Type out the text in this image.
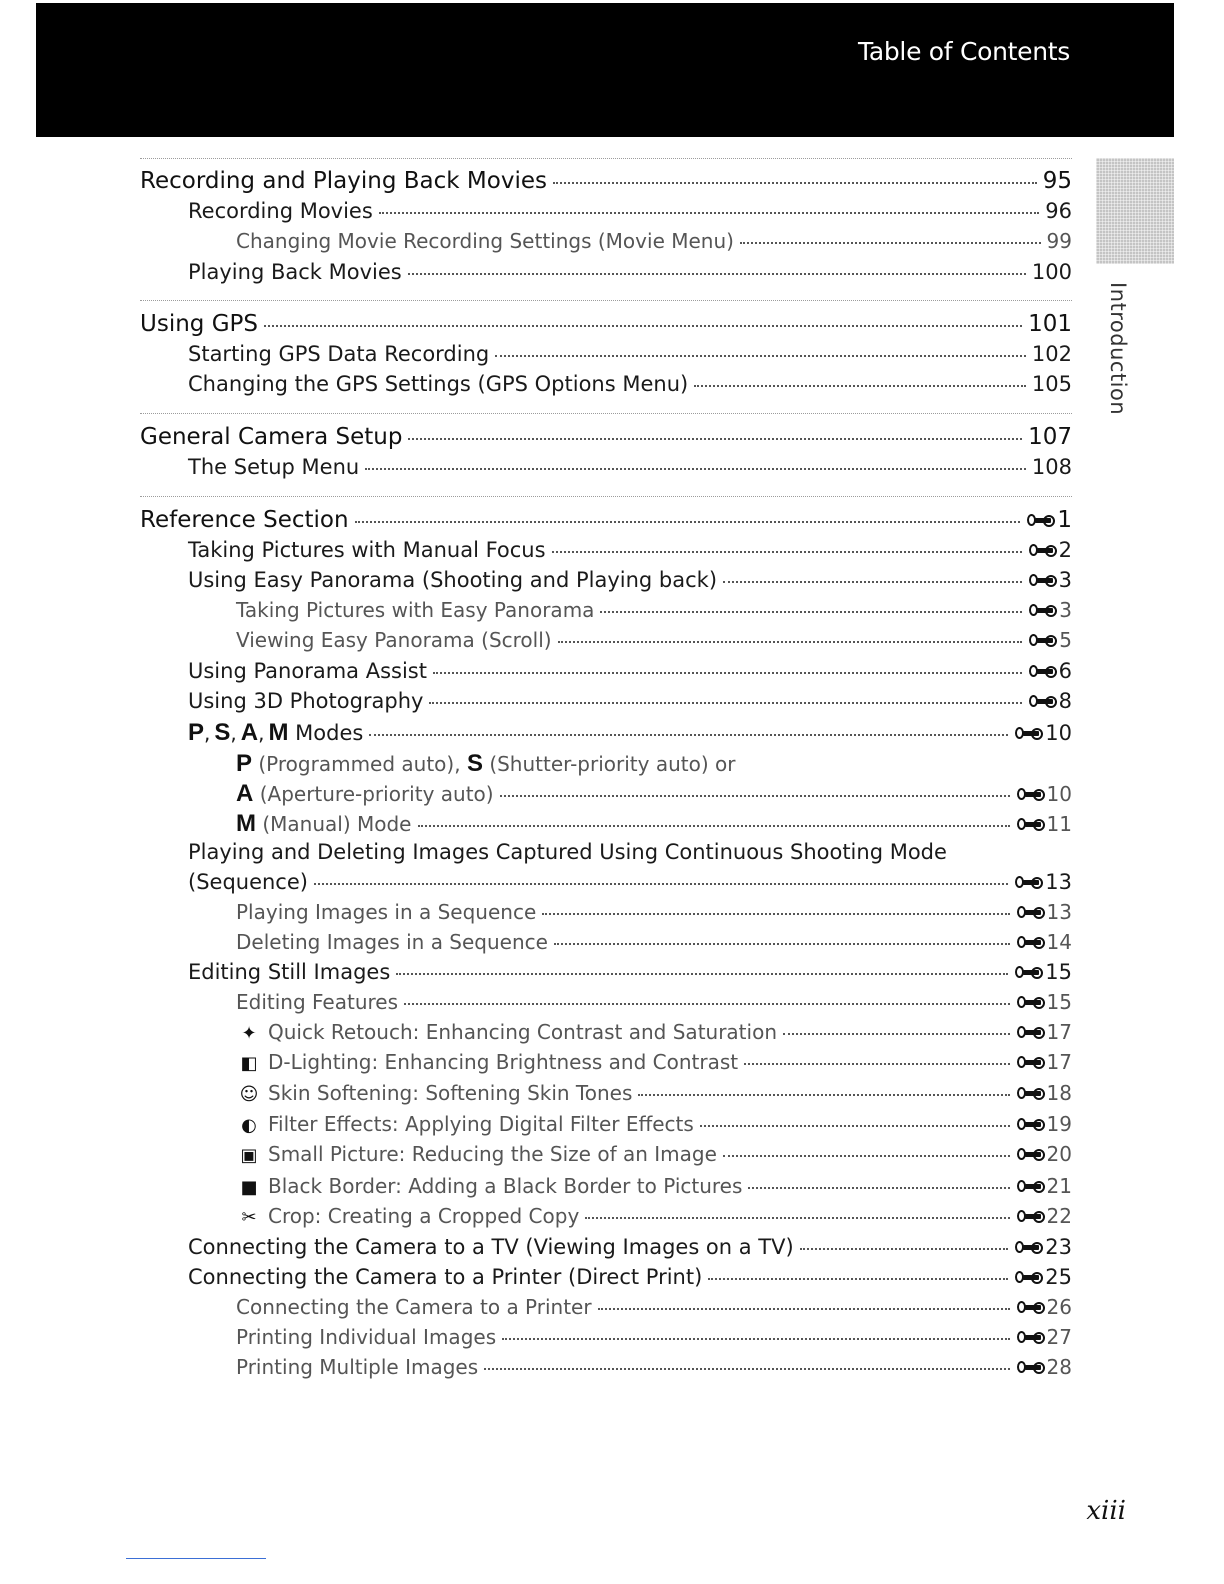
Table of Contents
Introduction
Recording and Playing Back Movies	95
Recording Movies	96
Changing Movie Recording Settings (Movie Menu)	99
Playing Back Movies	100
Using GPS	101
Starting GPS Data Recording	102
Changing the GPS Settings (GPS Options Menu)	105
General Camera Setup	107
The Setup Menu	108
Reference Section	1
Taking Pictures with Manual Focus	2
Using Easy Panorama (Shooting and Playing back)	3
Taking Pictures with Easy Panorama	3
Viewing Easy Panorama (Scroll)	5
Using Panorama Assist	6
Using 3D Photography	8
P, S, A, M Modes	10
P (Programmed auto), S (Shutter-priority auto) or
A (Aperture-priority auto)	10
M (Manual) Mode	11
Playing and Deleting Images Captured Using Continuous Shooting Mode
(Sequence)	13
Playing Images in a Sequence	13
Deleting Images in a Sequence	14
Editing Still Images	15
Editing Features	15
✦ Quick Retouch: Enhancing Contrast and Saturation	17
◧ D-Lighting: Enhancing Brightness and Contrast	17
☺ Skin Softening: Softening Skin Tones	18
◐ Filter Effects: Applying Digital Filter Effects	19
▣ Small Picture: Reducing the Size of an Image	20
■ Black Border: Adding a Black Border to Pictures	21
✂ Crop: Creating a Cropped Copy	22
Connecting the Camera to a TV (Viewing Images on a TV)	23
Connecting the Camera to a Printer (Direct Print)	25
Connecting the Camera to a Printer	26
Printing Individual Images	27
Printing Multiple Images	28
xiii
